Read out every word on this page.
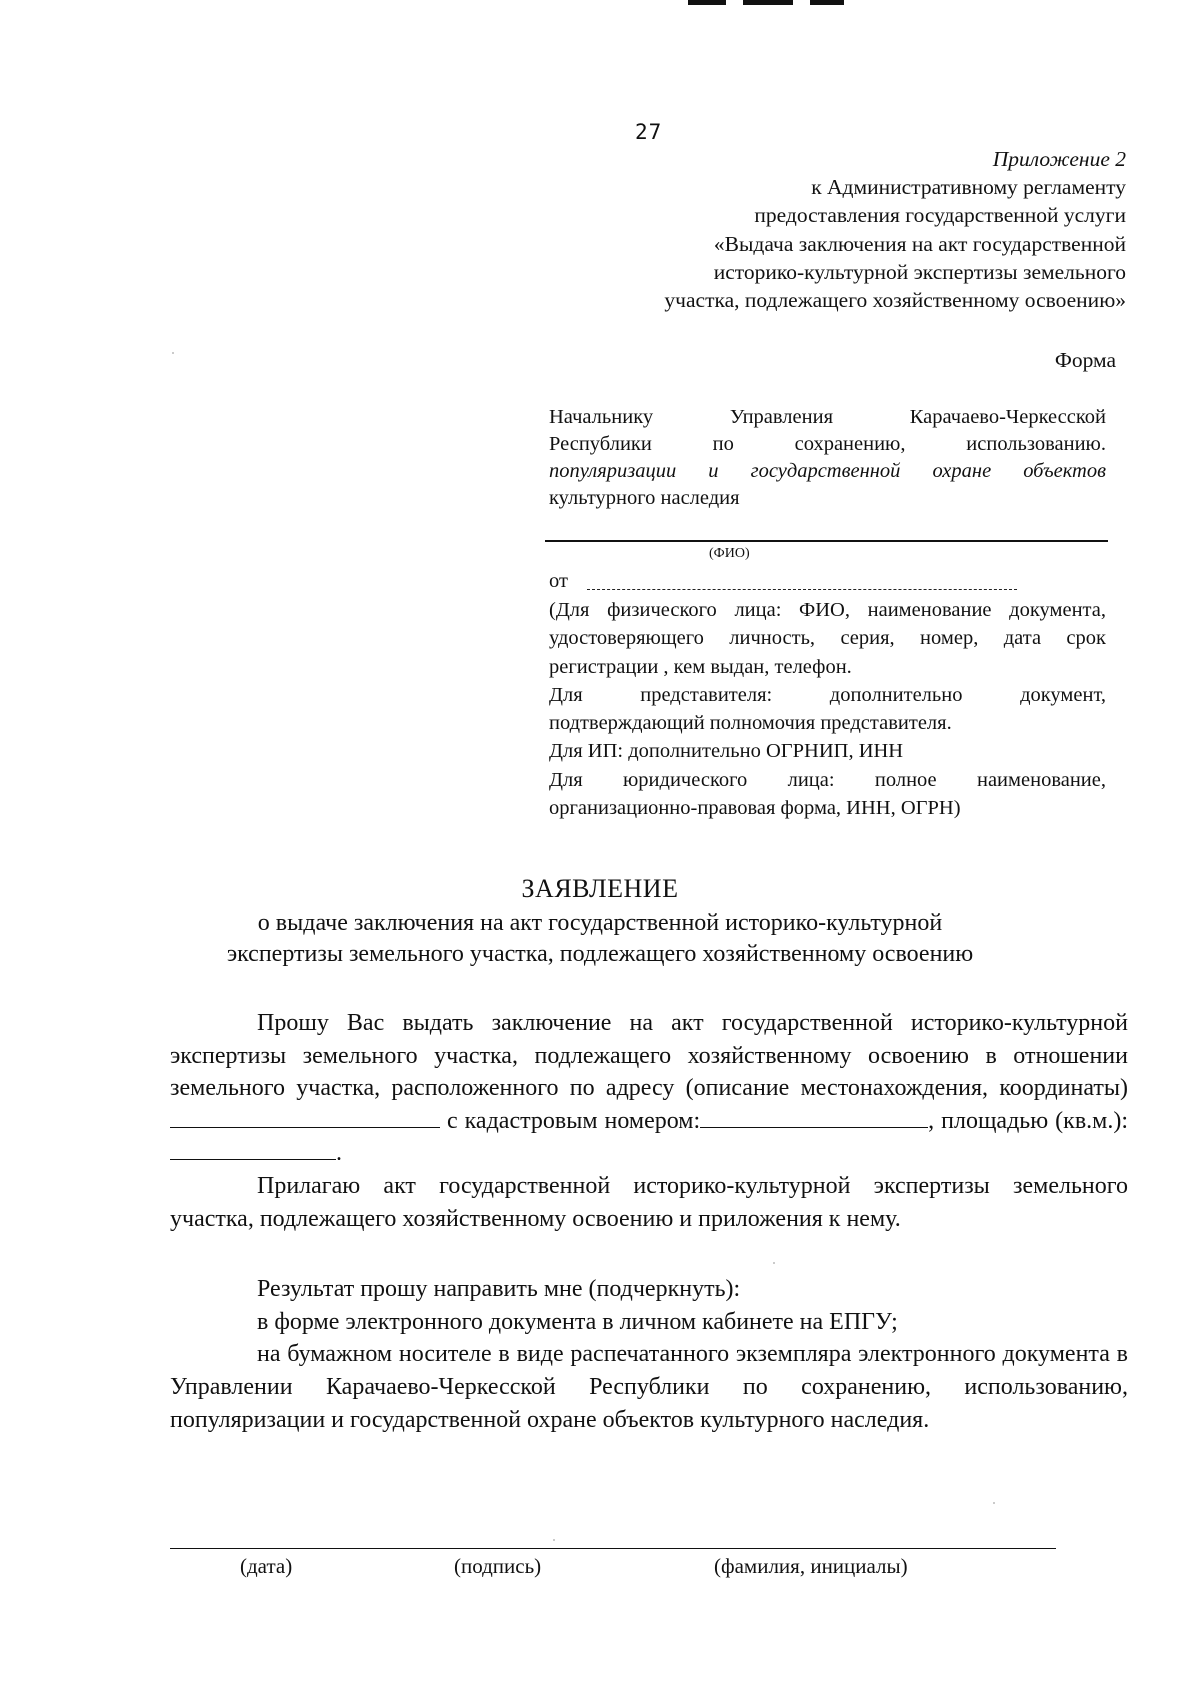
27
Приложение 2
к Административному регламенту
предоставления государственной услуги
«Выдача заключения на акт государственной
историко-культурной экспертизы земельного
участка, подлежащего хозяйственному освоению»
Форма
Начальнику Управления Карачаево-Черкесской
Республики по сохранению, использованию.
популяризации и государственной охране объектов
культурного наследия
(ФИО)
от

(Для физического лица: ФИО, наименование документа, удостоверяющего личность, серия, номер, дата срок регистрации , кем выдан, телефон.

Для представителя: дополнительно документ, подтверждающий полномочия представителя.

Для ИП: дополнительно ОГРНИП, ИНН

Для юридического лица: полное наименование, организационно-правовая форма, ИНН, ОГРН)

ЗАЯВЛЕНИЕ
о выдаче заключения на акт государственной историко-культурной
экспертизы земельного участка, подлежащего хозяйственному освоению

Прошу Вас выдать заключение на акт государственной историко-культурной экспертизы земельного участка, подлежащего хозяйственному освоению в отношении земельного участка, расположенного по адресу (описание местонахождения, координаты) с кадастровым номером:	, площадью (кв.м.):.

Прилагаю акт государственной историко-культурной экспертизы земельного участка, подлежащего хозяйственному освоению и приложения к нему.

Результат прошу направить мне (подчеркнуть):

в форме электронного документа в личном кабинете на ЕПГУ;

на бумажном носителе в виде распечатанного экземпляра электронного документа в Управлении Карачаево-Черкесской Республики по сохранению, использованию, популяризации и государственной охране объектов культурного наследия.

(дата)	(подпись)	(фамилия, инициалы)
